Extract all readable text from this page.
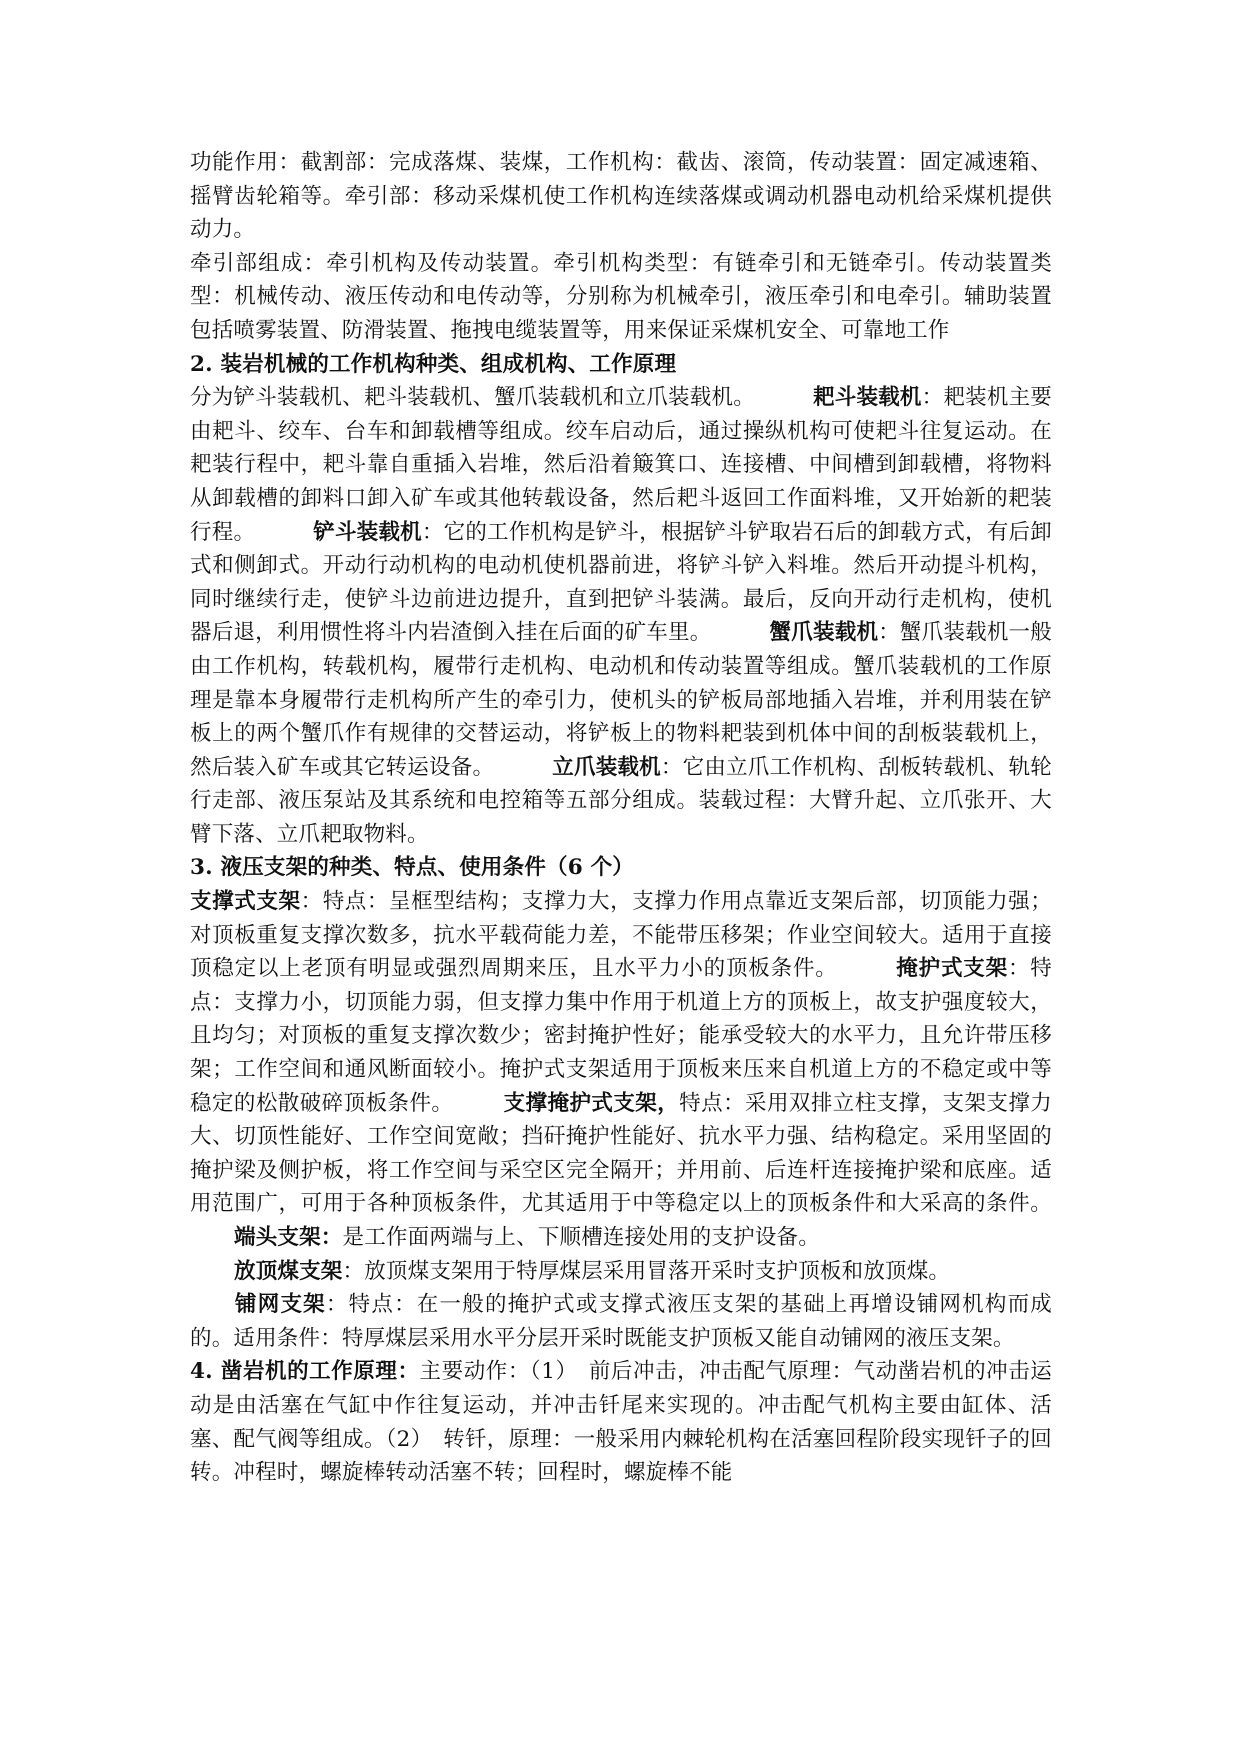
功能作用：截割部：完成落煤、装煤，工作机构：截齿、滚筒，传动装置：固定减速箱、摇臂齿轮箱等。牵引部：移动采煤机使工作机构连续落煤或调动机器电动机给采煤机提供动力。

牵引部组成：牵引机构及传动装置。牵引机构类型：有链牵引和无链牵引。传动装置类型：机械传动、液压传动和电传动等，分别称为机械牵引，液压牵引和电牵引。辅助装置包括喷雾装置、防滑装置、拖拽电缆装置等，用来保证采煤机安全、可靠地工作

2. 装岩机械的工作机构种类、组成机构、工作原理

分为铲斗装载机、耙斗装载机、蟹爪装载机和立爪装载机。	耙斗装载机：耙装机主要由耙斗、绞车、台车和卸载槽等组成。绞车启动后，通过操纵机构可使耙斗往复运动。在耙装行程中，耙斗靠自重插入岩堆，然后沿着簸箕口、连接槽、中间槽到卸载槽，将物料从卸载槽的卸料口卸入矿车或其他转载设备，然后耙斗返回工作面料堆，又开始新的耙装行程。	铲斗装载机：它的工作机构是铲斗，根据铲斗铲取岩石后的卸载方式，有后卸式和侧卸式。开动行动机构的电动机使机器前进，将铲斗铲入料堆。然后开动提斗机构，同时继续行走，使铲斗边前进边提升，直到把铲斗装满。最后，反向开动行走机构，使机器后退，利用惯性将斗内岩渣倒入挂在后面的矿车里。	蟹爪装载机：蟹爪装载机一般由工作机构，转载机构，履带行走机构、电动机和传动装置等组成。蟹爪装载机的工作原理是靠本身履带行走机构所产生的牵引力，使机头的铲板局部地插入岩堆，并利用装在铲板上的两个蟹爪作有规律的交替运动，将铲板上的物料耙装到机体中间的刮板装载机上，然后装入矿车或其它转运设备。	立爪装载机：它由立爪工作机构、刮板转载机、轨轮行走部、液压泵站及其系统和电控箱等五部分组成。装载过程：大臂升起、立爪张开、大臂下落、立爪耙取物料。

3. 液压支架的种类、特点、使用条件（6 个）

支撑式支架：特点：呈框型结构；支撑力大，支撑力作用点靠近支架后部，切顶能力强；对顶板重复支撑次数多，抗水平载荷能力差，不能带压移架；作业空间较大。适用于直接顶稳定以上老顶有明显或强烈周期来压，且水平力小的顶板条件。	掩护式支架：特点：支撑力小，切顶能力弱，但支撑力集中作用于机道上方的顶板上，故支护强度较大，且均匀；对顶板的重复支撑次数少；密封掩护性好；能承受较大的水平力，且允许带压移架；工作空间和通风断面较小。掩护式支架适用于顶板来压来自机道上方的不稳定或中等稳定的松散破碎顶板条件。 支撑掩护式支架，特点：采用双排立柱支撑，支架支撑力大、切顶性能好、工作空间宽敞；挡矸掩护性能好、抗水平力强、结构稳定。采用坚固的掩护梁及侧护板，将工作空间与采空区完全隔开；并用前、后连杆连接掩护梁和底座。适用范围广，可用于各种顶板条件，尤其适用于中等稳定以上的顶板条件和大采高的条件。端头支架：是工作面两端与上、下顺槽连接处用的支护设备。
放顶煤支架：放顶煤支架用于特厚煤层采用冒落开采时支护顶板和放顶煤。
铺网支架：特点：在一般的掩护式或支撑式液压支架的基础上再增设铺网机构而成的。适用条件：特厚煤层采用水平分层开采时既能支护顶板又能自动铺网的液压支架。

4. 凿岩机的工作原理：主要动作：（1）　前后冲击，冲击配气原理：气动凿岩机的冲击运动是由活塞在气缸中作往复运动，并冲击钎尾来实现的。冲击配气机构主要由缸体、活塞、配气阀等组成。（2）　转钎，原理：一般采用内棘轮机构在活塞回程阶段实现钎子的回转。冲程时，螺旋棒转动活塞不转；回程时，螺旋棒不能
